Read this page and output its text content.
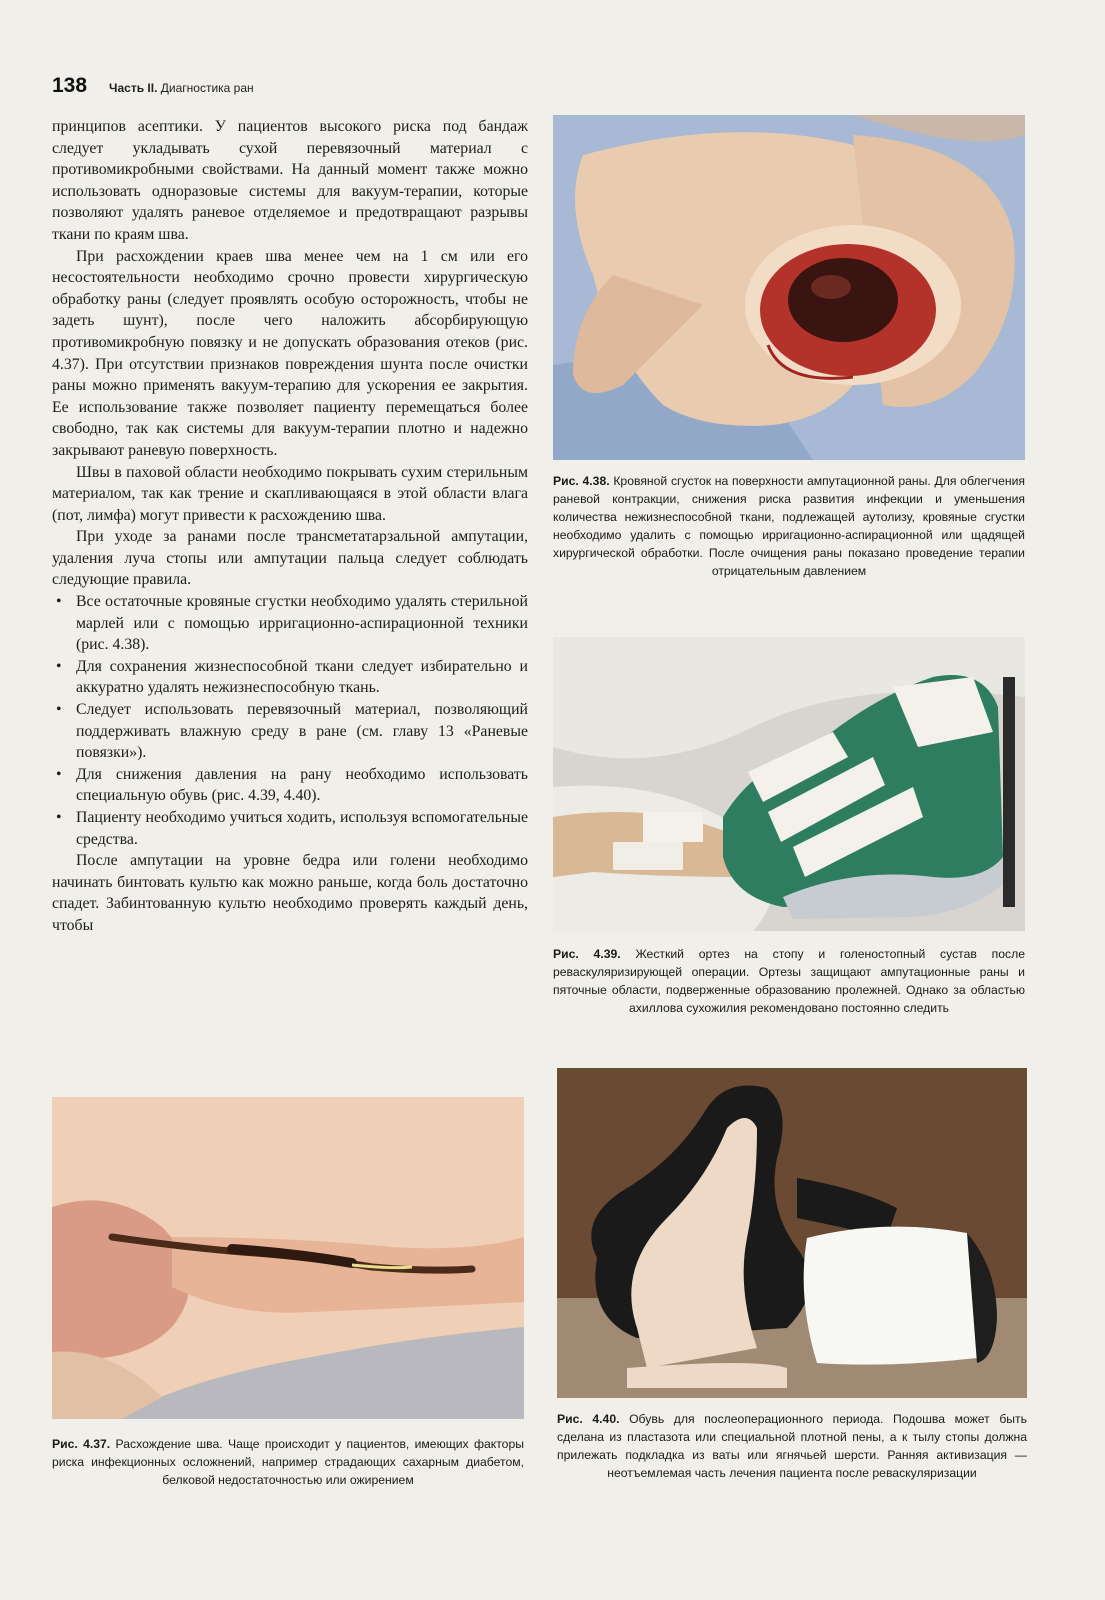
138 Часть II. Диагностика ран

принципов асептики. У пациентов высокого риска под бандаж следует укладывать сухой перевязочный материал с противомикробными свойствами. На данный момент также можно использовать одноразовые системы для вакуум-терапии, которые позволяют удалять раневое отделяемое и предотвращают разрывы ткани по краям шва.

При расхождении краев шва менее чем на 1 см или его несостоятельности необходимо срочно провести хирургическую обработку раны (следует проявлять особую осторожность, чтобы не задеть шунт), после чего наложить абсорбирующую противомикробную повязку и не допускать образования отеков (рис. 4.37). При отсутствии признаков повреждения шунта после очистки раны можно применять вакуум-терапию для ускорения ее закрытия. Ее использование также позволяет пациенту перемещаться более свободно, так как системы для вакуум-терапии плотно и надежно закрывают раневую поверхность.

Швы в паховой области необходимо покрывать сухим стерильным материалом, так как трение и скапливающаяся в этой области влага (пот, лимфа) могут привести к расхождению шва.

При уходе за ранами после трансметатарзальной ампутации, удаления луча стопы или ампутации пальца следует соблюдать следующие правила.

• Все остаточные кровяные сгустки необходимо удалять стерильной марлей или с помощью ирригационно-аспирационной техники (рис. 4.38).
• Для сохранения жизнеспособной ткани следует избирательно и аккуратно удалять нежизнеспособную ткань.
• Следует использовать перевязочный материал, позволяющий поддерживать влажную среду в ране (см. главу 13 «Раневые повязки»).
• Для снижения давления на рану необходимо использовать специальную обувь (рис. 4.39, 4.40).
• Пациенту необходимо учиться ходить, используя вспомогательные средства.

После ампутации на уровне бедра или голени необходимо начинать бинтовать культю как можно раньше, когда боль достаточно спадет. Забинтованную культю необходимо проверять каждый день, чтобы

Рис. 4.38. Кровяной сгусток на поверхности ампутационной раны. Для облегчения раневой контракции, снижения риска развития инфекции и уменьшения количества нежизнеспособной ткани, подлежащей аутолизу, кровяные сгустки необходимо удалить с помощью ирригационно-аспирационной или щадящей хирургической обработки. После очищения раны показано проведение терапии отрицательным давлением
Рис. 4.39. Жесткий ортез на стопу и голеностопный сустав после реваскуляризирующей операции. Ортезы защищают ампутационные раны и пяточные области, подверженные образованию пролежней. Однако за областью ахиллова сухожилия рекомендовано постоянно следить
Рис. 4.40. Обувь для послеоперационного периода. Подошва может быть сделана из пластазота или специальной плотной пены, а к тылу стопы должна прилежать подкладка из ваты или ягнячьей шерсти. Ранняя активизация — неотъемлемая часть лечения пациента после реваскуляризации
Рис. 4.37. Расхождение шва. Чаще происходит у пациентов, имеющих факторы риска инфекционных осложнений, например страдающих сахарным диабетом, белковой недостаточностью или ожирением
